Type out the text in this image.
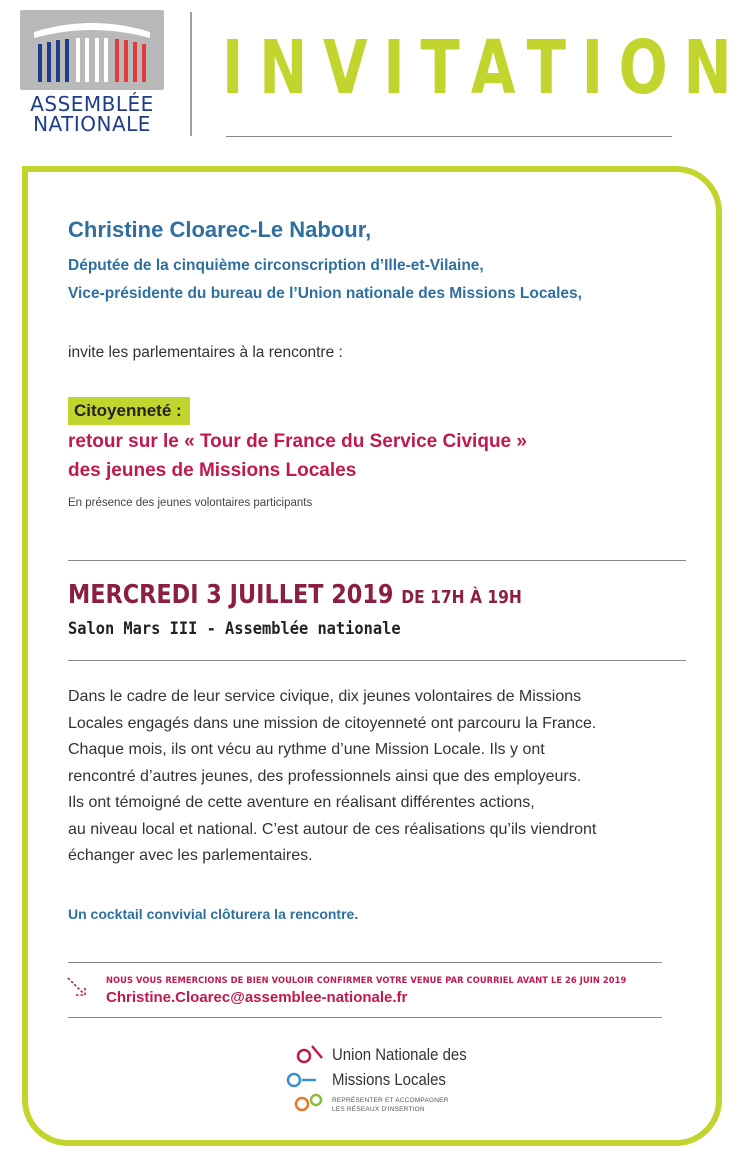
ASSEMBLÉE
NATIONALE
INVITATION
Christine Cloarec-Le Nabour,
Députée de la cinquième circonscription d’Ille-et-Vilaine,
Vice-présidente du bureau de l’Union nationale des Missions Locales,
invite les parlementaires à la rencontre :
Citoyenneté :
retour sur le « Tour de France du Service Civique »
des jeunes de Missions Locales
En présence des jeunes volontaires participants
MERCREDI 3 JUILLET 2019 DE 17H À 19H
Salon Mars III - Assemblée nationale
Dans le cadre de leur service civique, dix jeunes volontaires de Missions
Locales engagés dans une mission de citoyenneté ont parcouru la France.
Chaque mois, ils ont vécu au rythme d’une Mission Locale. Ils y ont
rencontré d’autres jeunes, des professionnels ainsi que des employeurs.
Ils ont témoigné de cette aventure en réalisant différentes actions,
au niveau local et national. C’est autour de ces réalisations qu’ils viendront
échanger avec les parlementaires.
Un cocktail convivial clôturera la rencontre.
NOUS VOUS REMERCIONS DE BIEN VOULOIR CONFIRMER VOTRE VENUE PAR COURRIEL AVANT LE 26 JUIN 2019
Christine.Cloarec@assemblee-nationale.fr
Union Nationale des
Missions Locales
REPRÉSENTER ET ACCOMPAGNER
LES RÉSEAUX D'INSERTION
